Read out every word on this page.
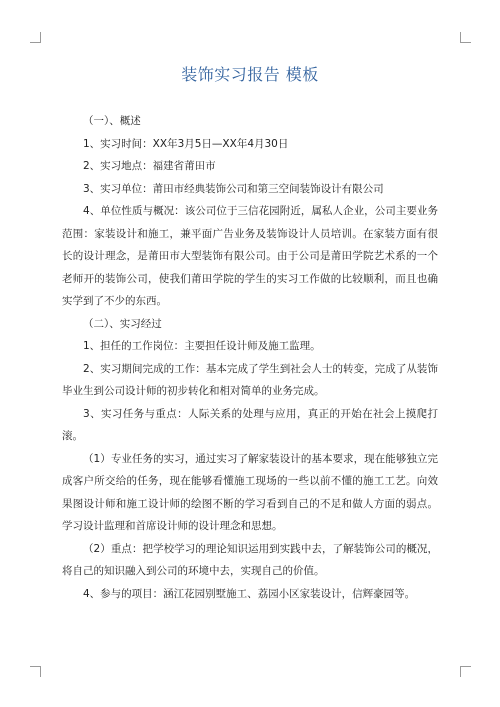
装饰实习报告 模板

（一）、概述

1、实习时间：XX年3月5日—XX年4月30日

2、实习地点：福建省莆田市

3、实习单位：莆田市经典装饰公司和第三空间装饰设计有限公司

4、单位性质与概况：该公司位于三信花园附近，属私人企业，公司主要业务范围：家装设计和施工，兼平面广告业务及装饰设计人员培训。在家装方面有很长的设计理念，是莆田市大型装饰有限公司。由于公司是莆田学院艺术系的一个老师开的装饰公司，使我们莆田学院的学生的实习工作做的比较顺利，而且也确实学到了不少的东西。

（二）、实习经过

1、担任的工作岗位：主要担任设计师及施工监理。

2、实习期间完成的工作：基本完成了学生到社会人士的转变，完成了从装饰毕业生到公司设计师的初步转化和相对简单的业务完成。

3、实习任务与重点：人际关系的处理与应用，真正的开始在社会上摸爬打滚。

（1）专业任务的实习，通过实习了解家装设计的基本要求，现在能够独立完成客户所交给的任务，现在能够看懂施工现场的一些以前不懂的施工工艺。向效果图设计师和施工设计师的绘图不断的学习看到自己的不足和做人方面的弱点。学习设计监理和首席设计师的设计理念和思想。

（2）重点：把学校学习的理论知识运用到实践中去，了解装饰公司的概况，将自己的知识融入到公司的环境中去，实现自己的价值。

4、参与的项目：涵江花园别墅施工、荔园小区家装设计，信辉豪园等。
